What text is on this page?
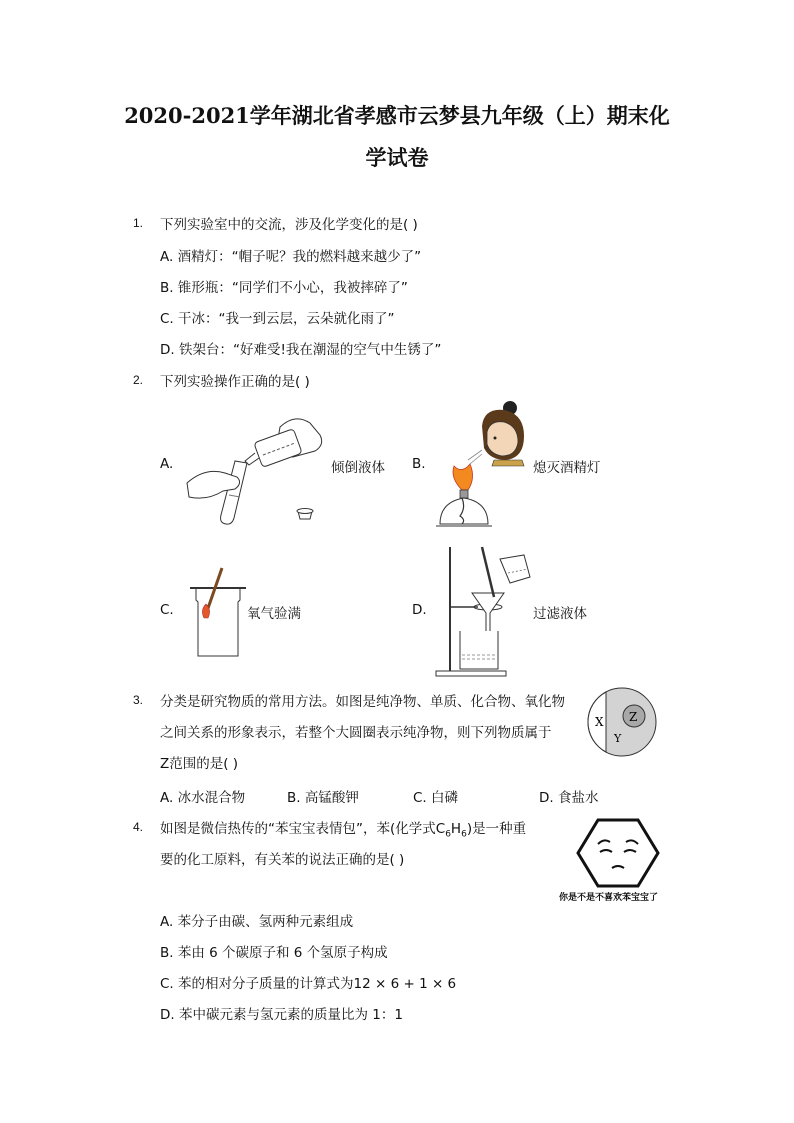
2020-2021学年湖北省孝感市云梦县九年级（上）期末化
学试卷
1. 下列实验室中的交流，涉及化学变化的是( )
A. 酒精灯：“帽子呢？我的燃料越来越少了”
B. 锥形瓶：“同学们不小心，我被摔碎了”
C. 干冰：“我一到云层，云朵就化雨了”
D. 铁架台：“好难受!我在潮湿的空气中生锈了”
2. 下列实验操作正确的是( )
A.	倾倒液体 B.	熄灭酒精灯
C.	氧气验满	D.	过滤液体
3. 分类是研究物质的常用方法。如图是纯净物、单质、化合物、氧化物
之间关系的形象表示，若整个大圆圈表示纯净物，则下列物质属于
Z范围的是( )
X Z
Y
A. 冰水混合物	B. 高锰酸钾	C. 白磷	D. 食盐水
4. 如图是微信热传的“苯宝宝表情包”，苯(化学式$C_6H_6$)是一种重
要的化工原料，有关苯的说法正确的是( )
你是不是不喜欢苯宝宝了
A. 苯分子由碳、氢两种元素组成
B. 苯由 6 个碳原子和 6 个氢原子构成
C. 苯的相对分子质量的计算式为12 × 6 + 1 × 6
D. 苯中碳元素与氢元素的质量比为 1：1
